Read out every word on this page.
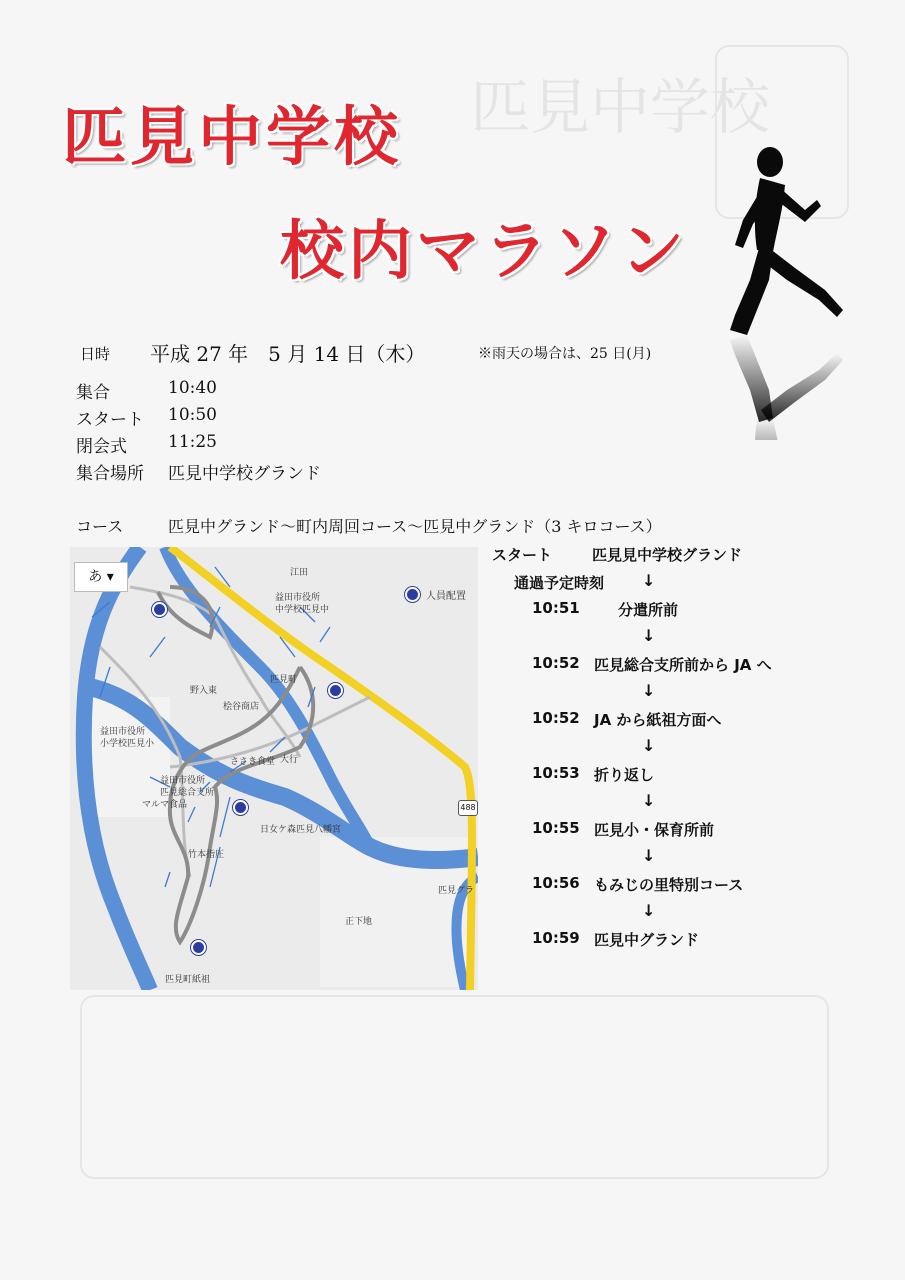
匹見中学校
匹見中学校
校内マラソン
日時 平成 27 年　5 月 14 日（木）	※雨天の場合は、25 日(月)
集合	10:40
スタート 10:50
閉会式 11:25
集合場所 匹見中学校グランド
コース	匹見中グランド～町内周回コース～匹見中グランド（3 キロコース）
あ ▾
人員配置
江田
益田市役所
中学校匹見中
匹見町
野入東
桧谷商店
益田市役所
小学校匹見小
益田市役所
匹見総合支所
マルマ食品
ささき食堂 大行
日女ケ森匹見八幡宮
竹本指圧
匹見グラ
匹見町紙祖
正下地
488
スタート	匹見見中学校グランド
通過予定時刻 ↓
10:51	分遣所前
↓
10:52 匹見総合支所前から JA へ
↓
10:52 JA から紙祖方面へ
↓
10:53 折り返し
↓
10:55 匹見小・保育所前
↓
10:56 もみじの里特別コース
↓
10:59 匹見中グランド
